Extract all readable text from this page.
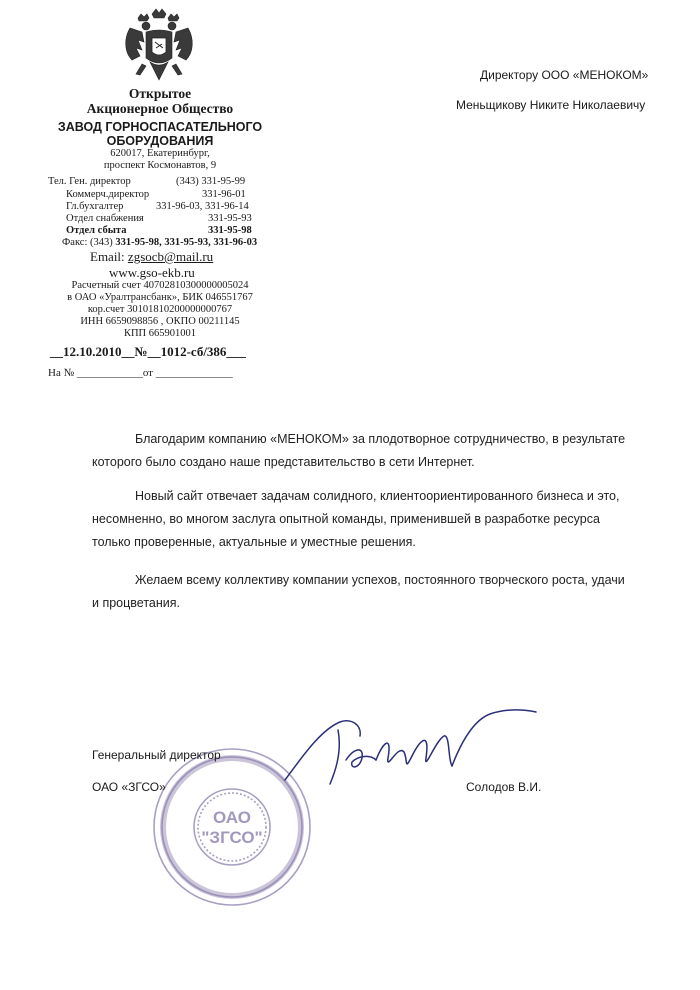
Открытое
Акционерное Общество
ЗАВОД ГОРНОСПАСАТЕЛЬНОГО
ОБОРУДОВАНИЯ
620017, Екатеринбург,
проспект Космонавтов, 9
Тел. Ген. директор	(343) 331-95-99
Коммерч.директор	331-96-01
Гл.бухгалтер	331-96-03, 331-96-14
Отдел снабжения	331-95-93
Отдел сбыта	331-95-98
Факс: (343) 331-95-98, 331-95-93, 331-96-03
Email: zgsocb@mail.ru
www.gso-ekb.ru
Расчетный счет 40702810300000005024
в ОАО «Уралтрансбанк», БИК 046551767
кор.счет 30101810200000000767
ИНН 6659098856 , ОКПО 00211145
КПП 665901001
__12.10.2010__№__1012-сб/386___
На № ____________от ______________
Директору ООО «МЕНОКОМ»
Меньщикову Никите Николаевичу
Благодарим компанию «МЕНОКОМ» за плодотворное сотрудничество, в результате которого было создано наше представительство в сети Интернет.
Новый сайт отвечает задачам солидного, клиентоориентированного бизнеса и это, несомненно, во многом заслуга опытной команды, применившей в разработке ресурса только проверенные, актуальные и уместные решения.
Желаем всему коллективу компании успехов, постоянного творческого роста, удачи и процветания.
ОАО
"ЗГСО"
Генеральный директор
ОАО «ЗГСО»	Солодов В.И.
